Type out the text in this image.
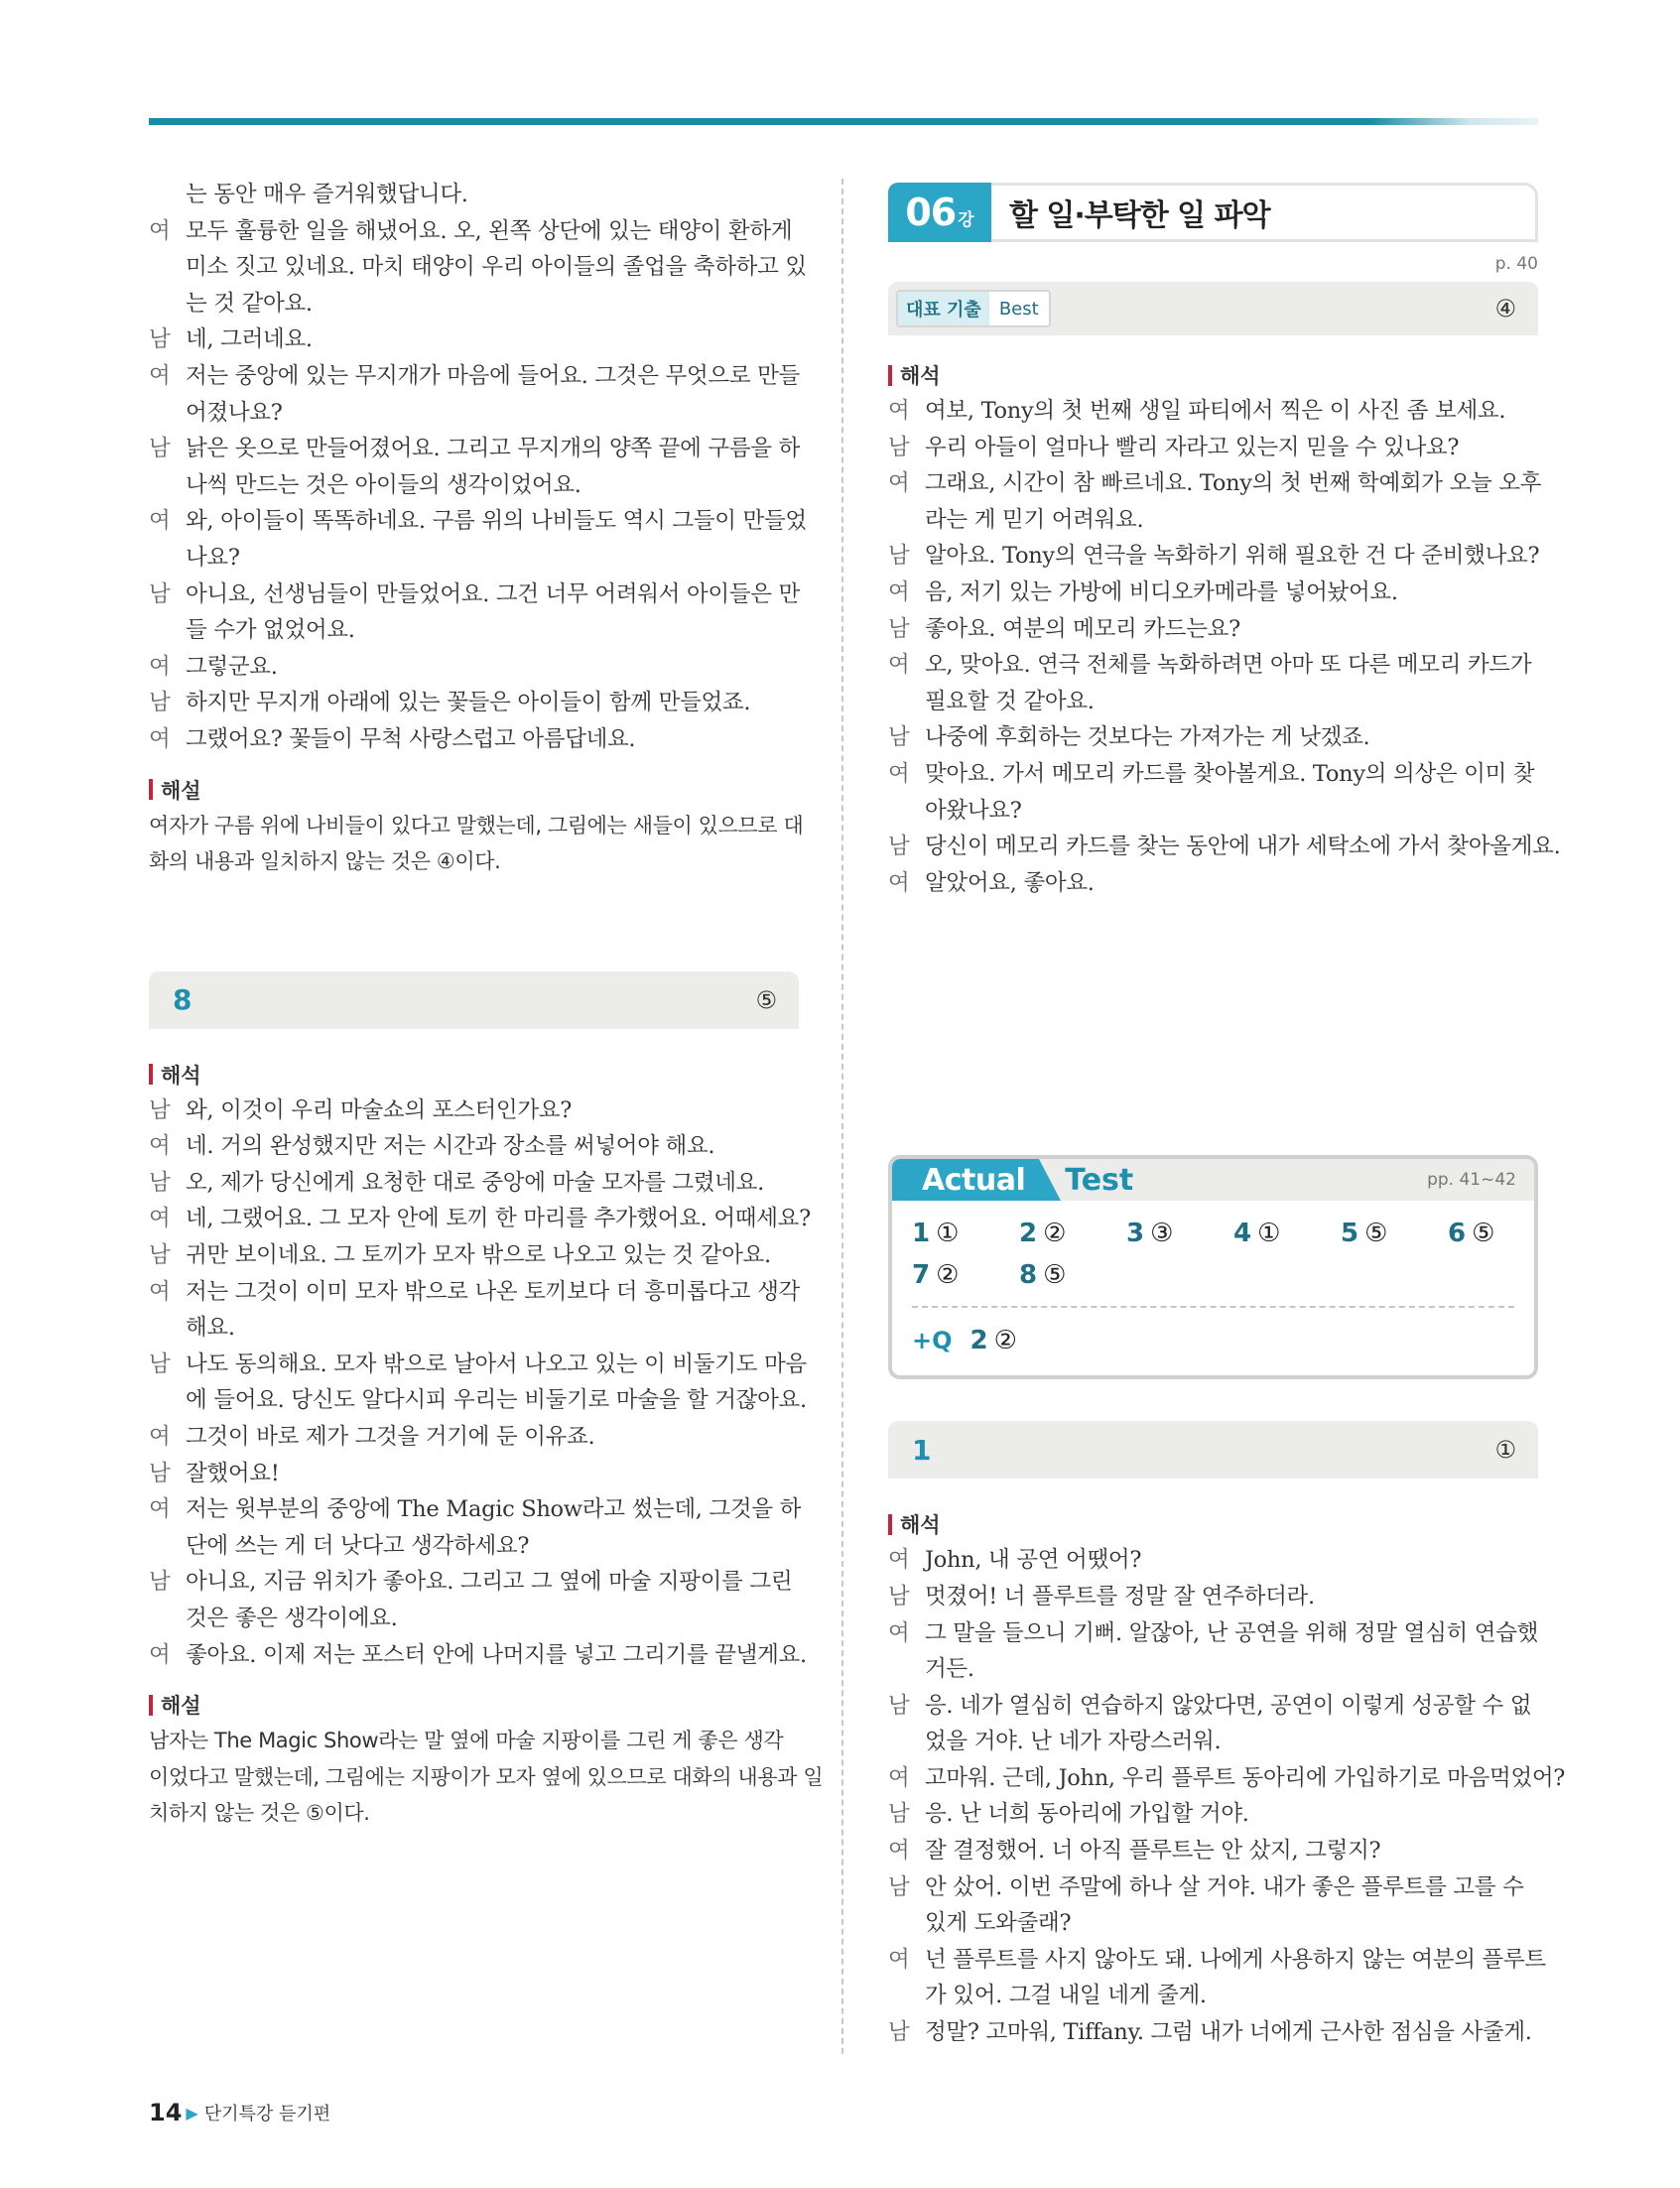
는 동안 매우 즐거워했답니다.
여 모두 훌륭한 일을 해냈어요. 오, 왼쪽 상단에 있는 태양이 환하게
미소 짓고 있네요. 마치 태양이 우리 아이들의 졸업을 축하하고 있
는 것 같아요.
남 네, 그러네요.
여 저는 중앙에 있는 무지개가 마음에 들어요. 그것은 무엇으로 만들
어졌나요?
남 낡은 옷으로 만들어졌어요. 그리고 무지개의 양쪽 끝에 구름을 하
나씩 만드는 것은 아이들의 생각이었어요.
여 와, 아이들이 똑똑하네요. 구름 위의 나비들도 역시 그들이 만들었
나요?
남 아니요, 선생님들이 만들었어요. 그건 너무 어려워서 아이들은 만
들 수가 없었어요.
여 그렇군요.
남 하지만 무지개 아래에 있는 꽃들은 아이들이 함께 만들었죠.
여 그랬어요? 꽃들이 무척 사랑스럽고 아름답네요.
해설
여자가 구름 위에 나비들이 있다고 말했는데, 그림에는 새들이 있으므로 대
화의 내용과 일치하지 않는 것은 ④이다.
8	⑤
해석
남 와, 이것이 우리 마술쇼의 포스터인가요?
여 네. 거의 완성했지만 저는 시간과 장소를 써넣어야 해요.
남 오, 제가 당신에게 요청한 대로 중앙에 마술 모자를 그렸네요.
여 네, 그랬어요. 그 모자 안에 토끼 한 마리를 추가했어요. 어때세요?
남 귀만 보이네요. 그 토끼가 모자 밖으로 나오고 있는 것 같아요.
여 저는 그것이 이미 모자 밖으로 나온 토끼보다 더 흥미롭다고 생각
해요.
남 나도 동의해요. 모자 밖으로 날아서 나오고 있는 이 비둘기도 마음
에 들어요. 당신도 알다시피 우리는 비둘기로 마술을 할 거잖아요.
여 그것이 바로 제가 그것을 거기에 둔 이유죠.
남 잘했어요!
여 저는 윗부분의 중앙에 The Magic Show라고 썼는데, 그것을 하
단에 쓰는 게 더 낫다고 생각하세요?
남 아니요, 지금 위치가 좋아요. 그리고 그 옆에 마술 지팡이를 그린
것은 좋은 생각이에요.
여 좋아요. 이제 저는 포스터 안에 나머지를 넣고 그리기를 끝낼게요.
해설
남자는 The Magic Show라는 말 옆에 마술 지팡이를 그린 게 좋은 생각
이었다고 말했는데, 그림에는 지팡이가 모자 옆에 있으므로 대화의 내용과 일
치하지 않는 것은 ⑤이다.
06 강 할 일·부탁한 일 파악
p. 40
대표 기출	Best	④
해석
여 여보, Tony의 첫 번째 생일 파티에서 찍은 이 사진 좀 보세요.
남 우리 아들이 얼마나 빨리 자라고 있는지 믿을 수 있나요?
여 그래요, 시간이 참 빠르네요. Tony의 첫 번째 학예회가 오늘 오후
라는 게 믿기 어려워요.
남 알아요. Tony의 연극을 녹화하기 위해 필요한 건 다 준비했나요?
여 음, 저기 있는 가방에 비디오카메라를 넣어놨어요.
남 좋아요. 여분의 메모리 카드는요?
여 오, 맞아요. 연극 전체를 녹화하려면 아마 또 다른 메모리 카드가
필요할 것 같아요.
남 나중에 후회하는 것보다는 가져가는 게 낫겠죠.
여 맞아요. 가서 메모리 카드를 찾아볼게요. Tony의 의상은 이미 찾
아왔나요?
남 당신이 메모리 카드를 찾는 동안에 내가 세탁소에 가서 찾아올게요.
여 알았어요, 좋아요.
Actual	Test	pp. 41~42
1 ①	2 ②	3 ③	4 ①	5 ⑤	6 ⑤
7 ②	8 ⑤
+Q 2 ②
1	①
해석
여 John, 내 공연 어땠어?
남 멋졌어! 너 플루트를 정말 잘 연주하더라.
여 그 말을 들으니 기뻐. 알잖아, 난 공연을 위해 정말 열심히 연습했
거든.
남 응. 네가 열심히 연습하지 않았다면, 공연이 이렇게 성공할 수 없
었을 거야. 난 네가 자랑스러워.
여 고마워. 근데, John, 우리 플루트 동아리에 가입하기로 마음먹었어?
남 응. 난 너희 동아리에 가입할 거야.
여 잘 결정했어. 너 아직 플루트는 안 샀지, 그렇지?
남 안 샀어. 이번 주말에 하나 살 거야. 내가 좋은 플루트를 고를 수
있게 도와줄래?
여 넌 플루트를 사지 않아도 돼. 나에게 사용하지 않는 여분의 플루트
가 있어. 그걸 내일 네게 줄게.
남 정말? 고마워, Tiffany. 그럼 내가 너에게 근사한 점심을 사줄게.
14 ▶ 단기특강 듣기편
